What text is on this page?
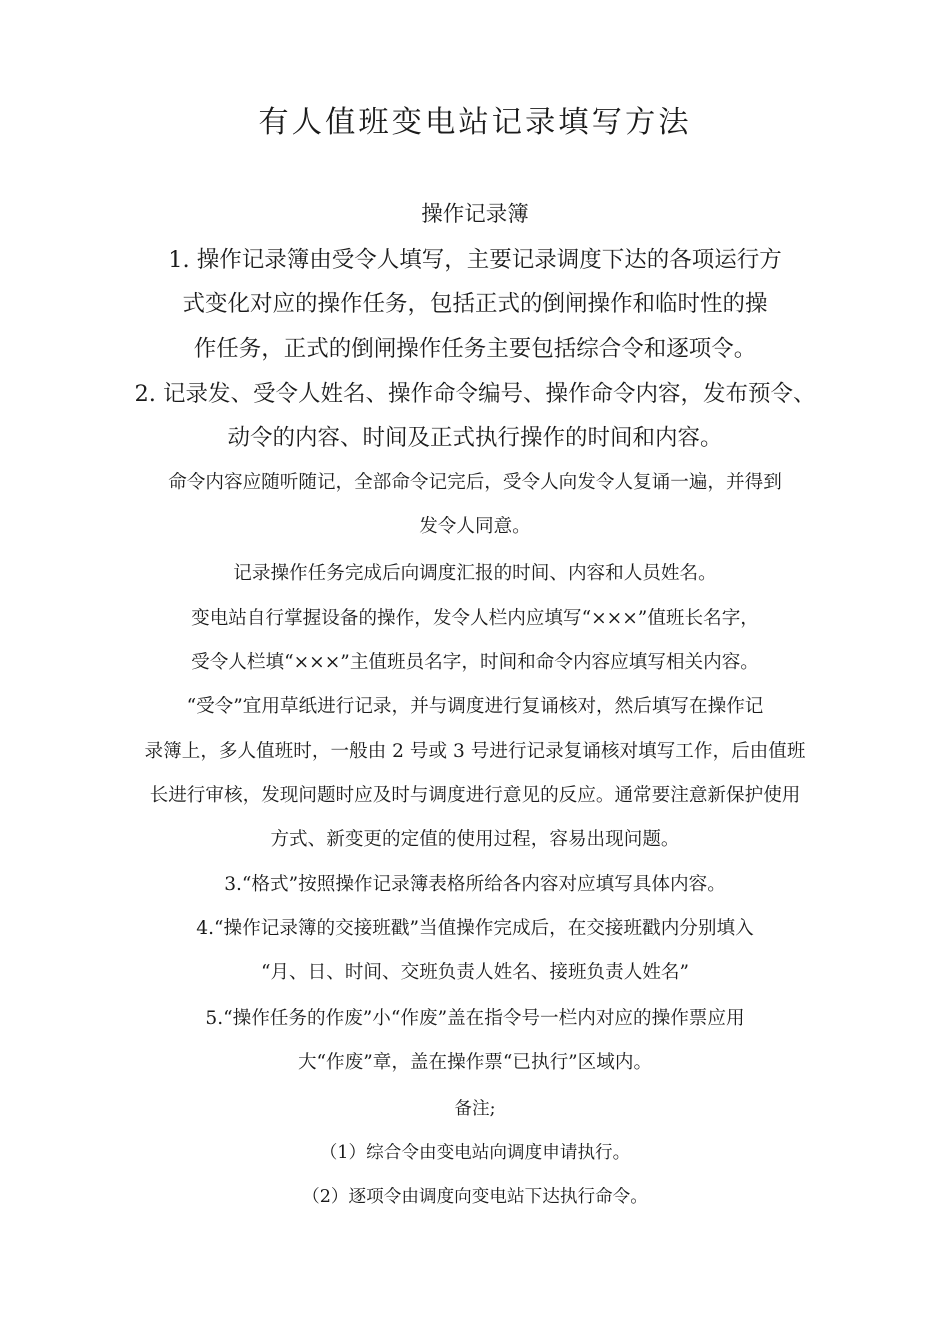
有人值班变电站记录填写方法
操作记录簿
1. 操作记录簿由受令人填写，主要记录调度下达的各项运行方
式变化对应的操作任务，包括正式的倒闸操作和临时性的操
作任务，正式的倒闸操作任务主要包括综合令和逐项令。
2. 记录发、受令人姓名、操作命令编号、操作命令内容，发布预令、
动令的内容、时间及正式执行操作的时间和内容。
命令内容应随听随记，全部命令记完后，受令人向发令人复诵一遍，并得到
发令人同意。
记录操作任务完成后向调度汇报的时间、内容和人员姓名。
变电站自行掌握设备的操作，发令人栏内应填写“×××”值班长名字，
受令人栏填“×××”主值班员名字，时间和命令内容应填写相关内容。
“受令”宜用草纸进行记录，并与调度进行复诵核对，然后填写在操作记
录簿上，多人值班时，一般由 2 号或 3 号进行记录复诵核对填写工作，后由值班
长进行审核，发现问题时应及时与调度进行意见的反应。通常要注意新保护使用
方式、新变更的定值的使用过程，容易出现问题。
3.“格式”按照操作记录簿表格所给各内容对应填写具体内容。
4.“操作记录簿的交接班戳”当值操作完成后，在交接班戳内分别填入
“月、日、时间、交班负责人姓名、接班负责人姓名”
5.“操作任务的作废”小“作废”盖在指令号一栏内对应的操作票应用
大“作废”章，盖在操作票“已执行”区域内。
备注;
（1）综合令由变电站向调度申请执行。
（2）逐项令由调度向变电站下达执行命令。
